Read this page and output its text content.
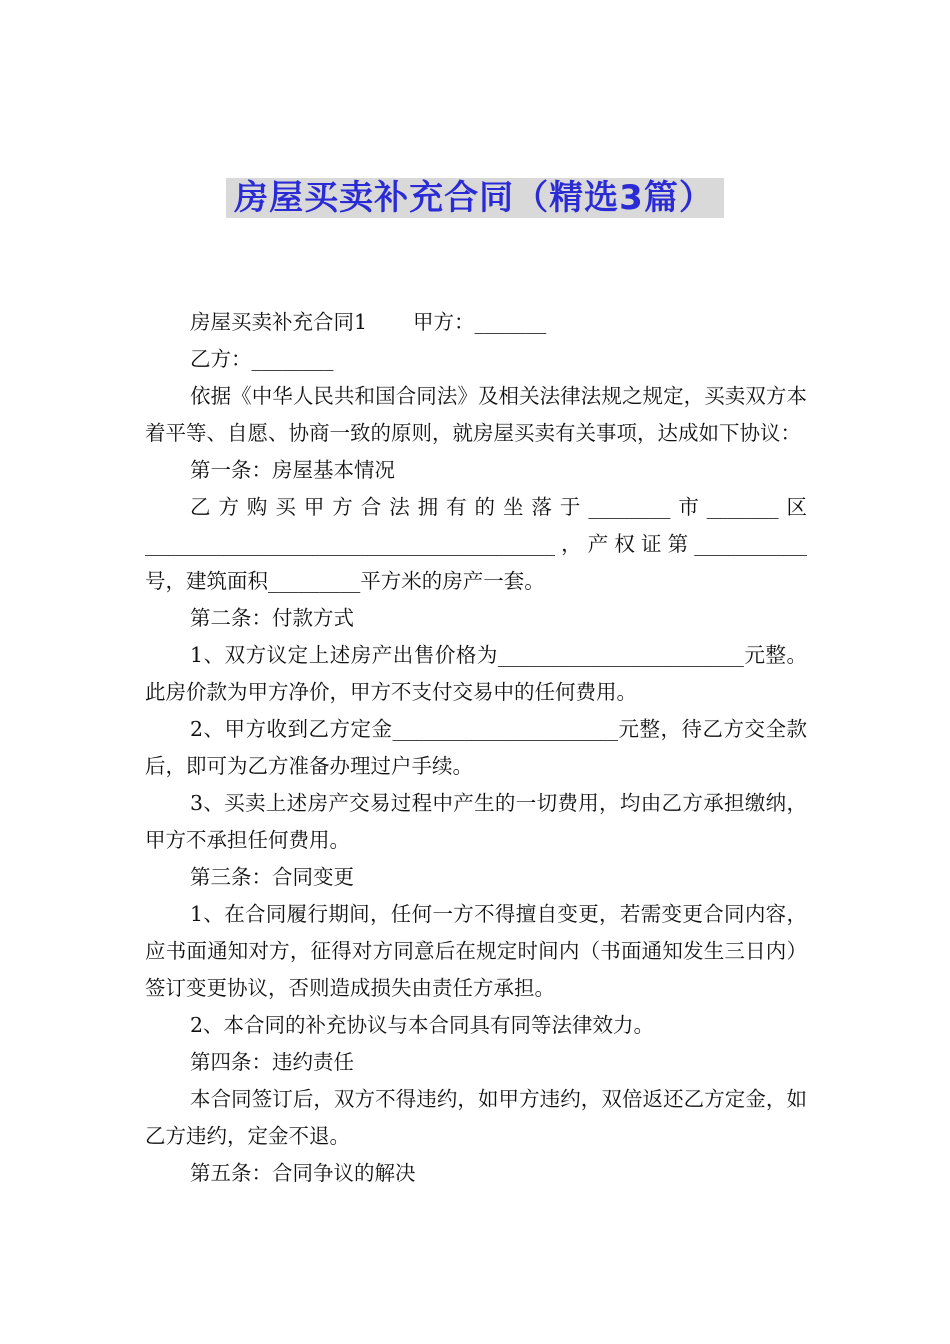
房屋买卖补充合同（精选3篇）
房屋买卖补充合同1 甲方：_______

乙方：________

依据《中华人民共和国合同法》及相关法律法规之规定，买卖双方本着平等、自愿、协商一致的原则，就房屋买卖有关事项，达成如下协议：

第一条：房屋基本情况

乙方购买甲方合法拥有的坐落于________市_______区________________________________________，产权证第___________号，建筑面积_________平方米的房产一套。

第二条：付款方式

1、双方议定上述房产出售价格为________________________元整。此房价款为甲方净价，甲方不支付交易中的任何费用。

2、甲方收到乙方定金______________________元整，待乙方交全款后，即可为乙方准备办理过户手续。

3、买卖上述房产交易过程中产生的一切费用，均由乙方承担缴纳，甲方不承担任何费用。

第三条：合同变更

1、在合同履行期间，任何一方不得擅自变更，若需变更合同内容，应书面通知对方，征得对方同意后在规定时间内（书面通知发生三日内）签订变更协议，否则造成损失由责任方承担。

2、本合同的补充协议与本合同具有同等法律效力。

第四条：违约责任

本合同签订后，双方不得违约，如甲方违约，双倍返还乙方定金，如乙方违约，定金不退。

第五条：合同争议的解决
